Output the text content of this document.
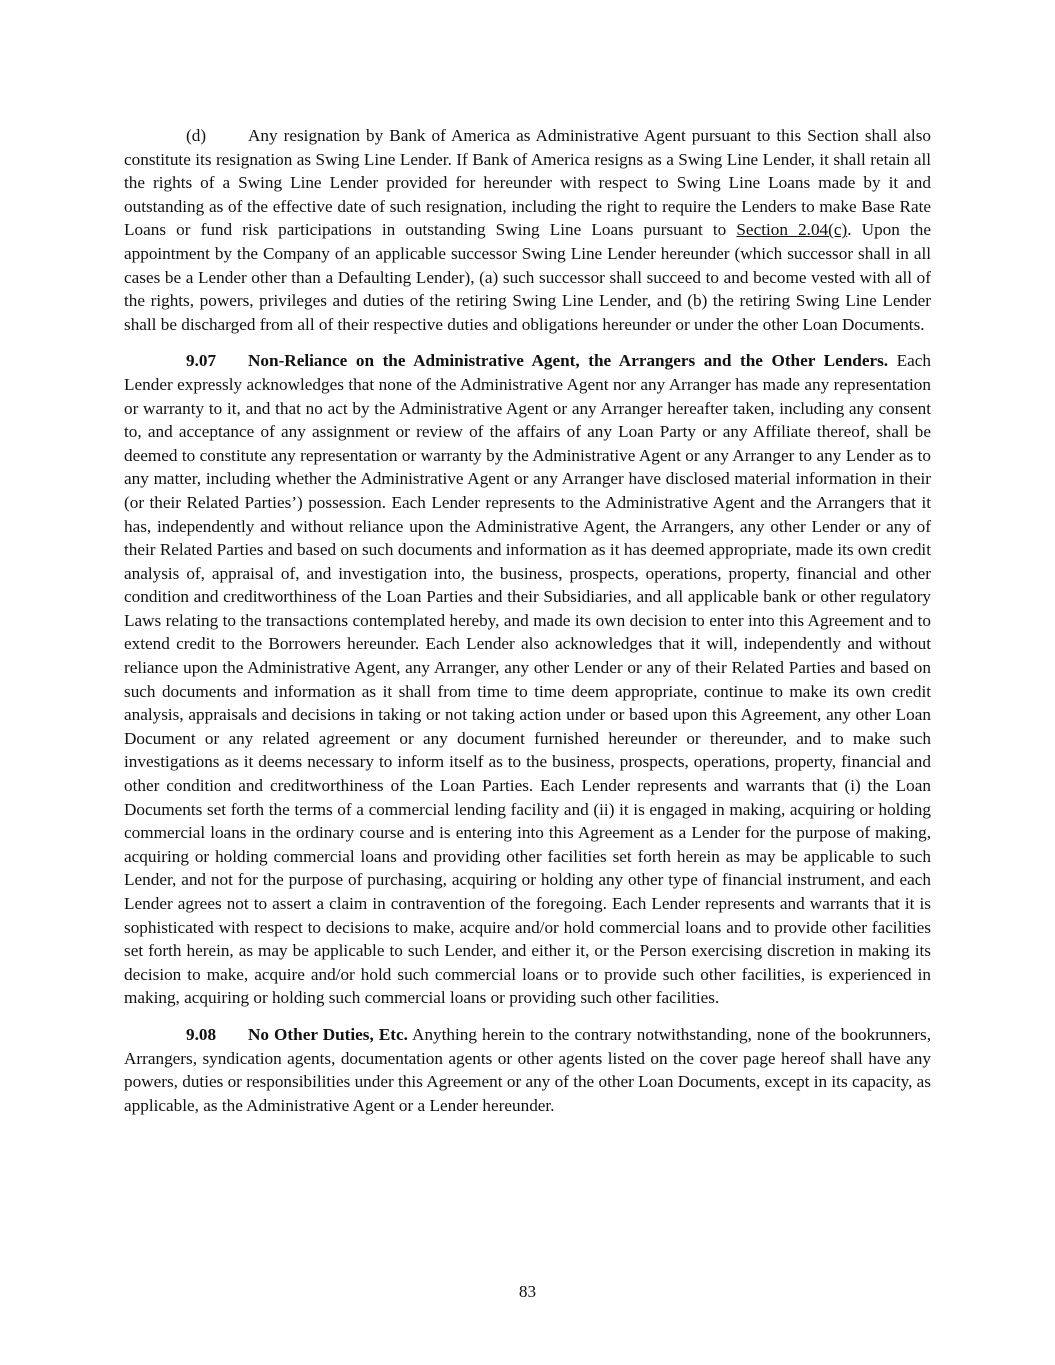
(d) Any resignation by Bank of America as Administrative Agent pursuant to this Section shall also constitute its resignation as Swing Line Lender. If Bank of America resigns as a Swing Line Lender, it shall retain all the rights of a Swing Line Lender provided for hereunder with respect to Swing Line Loans made by it and outstanding as of the effective date of such resignation, including the right to require the Lenders to make Base Rate Loans or fund risk participations in outstanding Swing Line Loans pursuant to Section 2.04(c). Upon the appointment by the Company of an applicable successor Swing Line Lender hereunder (which successor shall in all cases be a Lender other than a Defaulting Lender), (a) such successor shall succeed to and become vested with all of the rights, powers, privileges and duties of the retiring Swing Line Lender, and (b) the retiring Swing Line Lender shall be discharged from all of their respective duties and obligations hereunder or under the other Loan Documents.

9.07 Non-Reliance on the Administrative Agent, the Arrangers and the Other Lenders. Each Lender expressly acknowledges that none of the Administrative Agent nor any Arranger has made any representation or warranty to it, and that no act by the Administrative Agent or any Arranger hereafter taken, including any consent to, and acceptance of any assignment or review of the affairs of any Loan Party or any Affiliate thereof, shall be deemed to constitute any representation or warranty by the Administrative Agent or any Arranger to any Lender as to any matter, including whether the Administrative Agent or any Arranger have disclosed material information in their (or their Related Parties’) possession. Each Lender represents to the Administrative Agent and the Arrangers that it has, independently and without reliance upon the Administrative Agent, the Arrangers, any other Lender or any of their Related Parties and based on such documents and information as it has deemed appropriate, made its own credit analysis of, appraisal of, and investigation into, the business, prospects, operations, property, financial and other condition and creditworthiness of the Loan Parties and their Subsidiaries, and all applicable bank or other regulatory Laws relating to the transactions contemplated hereby, and made its own decision to enter into this Agreement and to extend credit to the Borrowers hereunder. Each Lender also acknowledges that it will, independently and without reliance upon the Administrative Agent, any Arranger, any other Lender or any of their Related Parties and based on such documents and information as it shall from time to time deem appropriate, continue to make its own credit analysis, appraisals and decisions in taking or not taking action under or based upon this Agreement, any other Loan Document or any related agreement or any document furnished hereunder or thereunder, and to make such investigations as it deems necessary to inform itself as to the business, prospects, operations, property, financial and other condition and creditworthiness of the Loan Parties. Each Lender represents and warrants that (i) the Loan Documents set forth the terms of a commercial lending facility and (ii) it is engaged in making, acquiring or holding commercial loans in the ordinary course and is entering into this Agreement as a Lender for the purpose of making, acquiring or holding commercial loans and providing other facilities set forth herein as may be applicable to such Lender, and not for the purpose of purchasing, acquiring or holding any other type of financial instrument, and each Lender agrees not to assert a claim in contravention of the foregoing. Each Lender represents and warrants that it is sophisticated with respect to decisions to make, acquire and/or hold commercial loans and to provide other facilities set forth herein, as may be applicable to such Lender, and either it, or the Person exercising discretion in making its decision to make, acquire and/or hold such commercial loans or to provide such other facilities, is experienced in making, acquiring or holding such commercial loans or providing such other facilities.

9.08 No Other Duties, Etc. Anything herein to the contrary notwithstanding, none of the bookrunners, Arrangers, syndication agents, documentation agents or other agents listed on the cover page hereof shall have any powers, duties or responsibilities under this Agreement or any of the other Loan Documents, except in its capacity, as applicable, as the Administrative Agent or a Lender hereunder.

83
